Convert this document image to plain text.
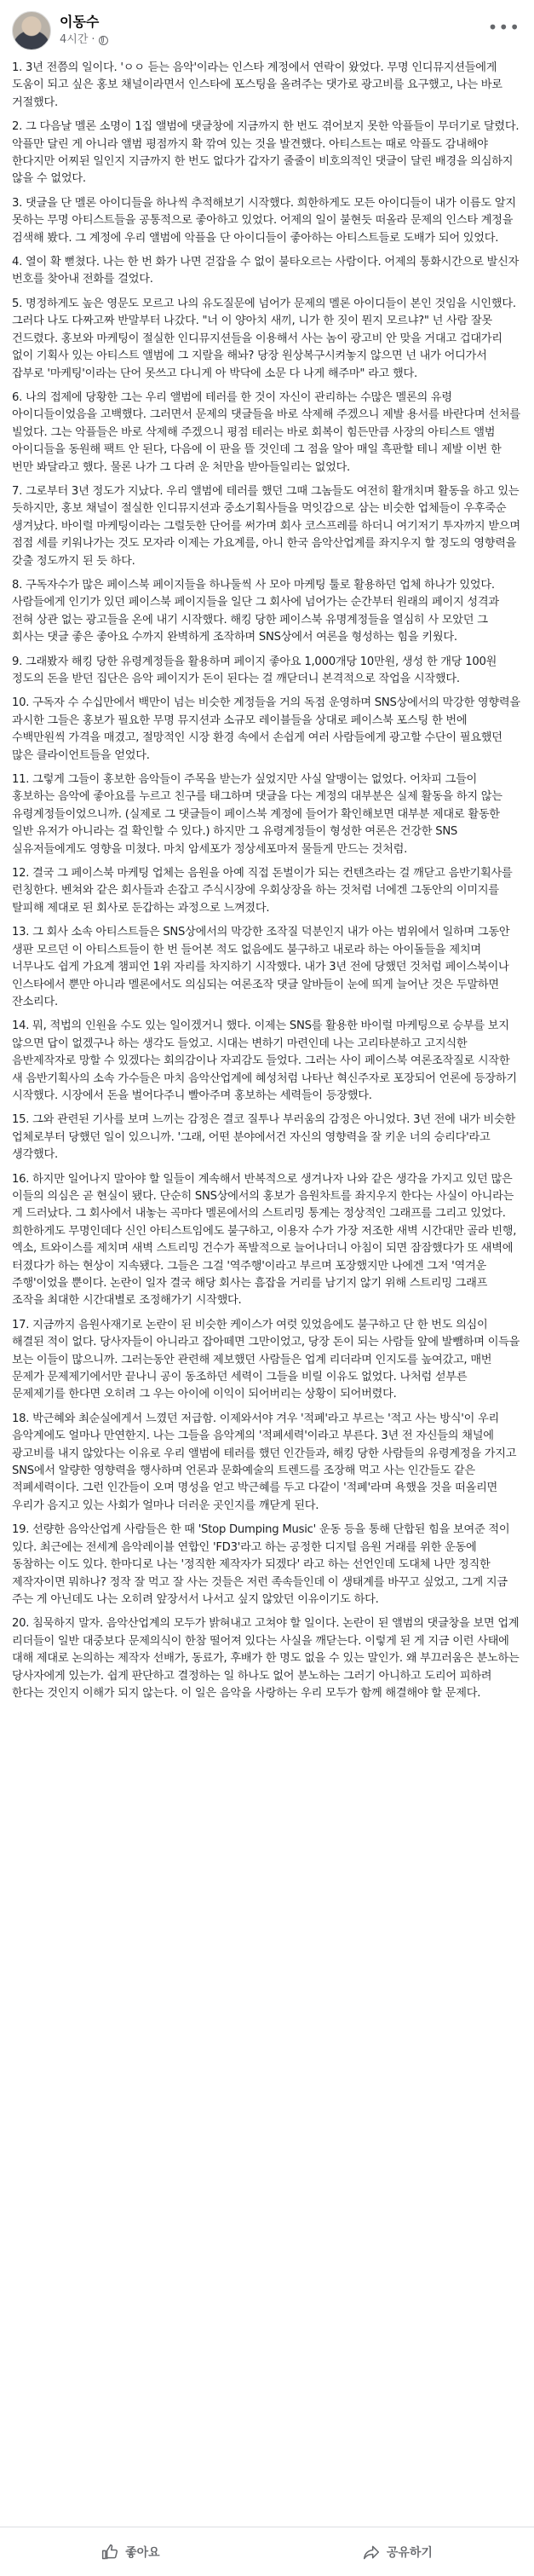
이동수
4시간 ·
•••

1. 3년 전쯤의 일이다. 'ㅇㅇ 듣는 음악'이라는 인스타 계정에서 연락이 왔었다. 무명 인디뮤지션들에게 도움이 되고 싶은 홍보 채널이라면서 인스타에 포스팅을 올려주는 댓가로 광고비를 요구했고, 나는 바로 거절했다.

2. 그 다음날 멜론 소명이 1집 앨범에 댓글창에 지금까지 한 번도 겪어보지 못한 악플들이 무더기로 달렸다. 악플만 달린 게 아니라 앨범 평점까지 확 깎여 있는 것을 발견했다. 아티스트는 때로 악플도 감내해야 한다지만 어찌된 일인지 지금까지 한 번도 없다가 갑자기 줄줄이 비호의적인 댓글이 달린 배경을 의심하지 않을 수 없었다.

3. 댓글을 단 멜론 아이디들을 하나씩 추적해보기 시작했다. 희한하게도 모든 아이디들이 내가 이름도 알지 못하는 무명 아티스트들을 공통적으로 좋아하고 있었다. 어제의 일이 불현듯 떠올라 문제의 인스타 계정을 검색해 봤다. 그 계정에 우리 앨범에 악플을 단 아이디들이 좋아하는 아티스트들로 도배가 되어 있었다.

4. 열이 확 뻗쳤다. 나는 한 번 화가 나면 걷잡을 수 없이 불타오르는 사람이다. 어제의 통화시간으로 발신자 번호를 찾아내 전화를 걸었다.

5. 명정하게도 높은 영문도 모르고 나의 유도질문에 넘어가 문제의 멜론 아이디들이 본인 것임을 시인했다. 그러다 나도 다짜고짜 반말부터 나갔다. "너 이 양아치 새끼, 니가 한 짓이 뭔지 모르냐?" 넌 사람 잘못 건드렸다. 홍보와 마케팅이 절실한 인디뮤지션들을 이용해서 사는 놈이 광고비 안 맞을 거대고 겁대가리 없이 기획사 있는 아티스트 앨범에 그 지랄을 해놔? 당장 원상복구시켜놓지 않으면 넌 내가 어디가서 잡부로 '마케팅'이라는 단어 못쓰고 다니게 아 박닥에 소문 다 나게 해주마" 라고 했다.

6. 나의 접제에 당황한 그는 우리 앨범에 테러를 한 것이 자신이 관리하는 수많은 멜론의 유령 아이디들이었음을 고백했다. 그러면서 문제의 댓글들을 바로 삭제해 주겠으니 제발 용서를 바란다며 선처를 빌었다. 그는 악플들은 바로 삭제해 주겠으니 평점 테러는 바로 회복이 힘든만큼 사장의 아티스트 앨범 아이디들을 동원해 팩트 안 된다, 다음에 이 판을 뜰 것인데 그 점을 알아 매일 흑판할 테니 제발 이번 한 번만 봐달라고 했다. 물론 나가 그 다려 운 처만을 받아들일리는 없었다.

7. 그로부터 3년 정도가 지났다. 우리 앨범에 테러를 했던 그때 그놈들도 여전히 활개치며 활동을 하고 있는 듯하지만, 홍보 채널이 절실한 인디뮤지션과 중소기획사들을 먹잇감으로 삼는 비슷한 업체들이 우후죽순 생겨났다. 바이럴 마케팅이라는 그럴듯한 단어를 써가며 회사 코스프레를 하더니 여기저기 투자까지 받으며 점점 세를 키워나가는 것도 모자라 이제는 가요계를, 아니 한국 음악산업계를 좌지우지 할 정도의 영향력을 갖출 정도까지 된 듯 하다.

8. 구독자수가 많은 페이스북 페이지들을 하나둘씩 사 모아 마케팅 툴로 활용하던 업체 하나가 있었다. 사람들에게 인기가 있던 페이스북 페이지들을 일단 그 회사에 넘어가는 순간부터 원래의 페이지 성격과 전혀 상관 없는 광고들을 온에 내기 시작했다. 해킹 당한 페이스북 유명계정들을 열심히 사 모았던 그 회사는 댓글 좋은 좋아요 수까지 완벽하게 조작하며 SNS상에서 여론을 형성하는 힘을 키웠다.

9. 그래봤자 해킹 당한 유령계정들을 활용하며 페이지 좋아요 1,000개당 10만원, 생성 한 개당 100원 정도의 돈을 받던 집단은 음악 페이지가 돈이 된다는 걸 깨닫더니 본격적으로 작업을 시작했다.

10. 구독자 수 수십만에서 백만이 넘는 비슷한 계정들을 거의 독점 운영하며 SNS상에서의 막강한 영향력을 과시한 그들은 홍보가 필요한 무명 뮤지션과 소규모 레이블들을 상대로 페이스북 포스팅 한 번에 수백만원씩 가격을 매겼고, 절망적인 시장 환경 속에서 손쉽게 여러 사람들에게 광고할 수단이 필요했던 많은 클라이언트들을 얻었다.

11. 그렇게 그들이 홍보한 음악들이 주목을 받는가 싶었지만 사실 알맹이는 없었다. 어차피 그들이 홍보하는 음악에 좋아요를 누르고 친구를 태그하며 댓글을 다는 계정의 대부분은 실제 활동을 하지 않는 유령계정들이었으니까. (실제로 그 댓글들이 페이스북 계정에 들어가 확인해보면 대부분 제대로 활동한 일반 유저가 아니라는 걸 확인할 수 있다.) 하지만 그 유령계정들이 형성한 여론은 건강한 SNS 실유저들에게도 영향을 미쳤다. 마치 암세포가 정상세포마저 물들게 만드는 것처럼.

12. 결국 그 페이스북 마케팅 업체는 음원을 아예 직접 돈벌이가 되는 컨텐츠라는 걸 깨닫고 음반기획사를 런칭한다. 벤쳐와 같은 회사들과 손잡고 주식시장에 우회상장을 하는 것처럼 너에겐 그동안의 이미지를 탈피해 제대로 된 회사로 둔갑하는 과정으로 느껴졌다.

13. 그 회사 소속 아티스트들은 SNS상에서의 막강한 조작질 덕분인지 내가 아는 범위에서 일하며 그동안 생판 모르던 이 아티스트들이 한 번 들어본 적도 없음에도 불구하고 내로라 하는 아이돌들을 제치며 너무나도 쉽게 가요계 챔피언 1위 자리를 차지하기 시작했다. 내가 3년 전에 당했던 것처럼 페이스북이나 인스타에서 뿐만 아니라 멜론에서도 의심되는 여론조작 댓글 알바들이 눈에 띄게 늘어난 것은 두말하면 잔소리다.

14. 뭐, 적법의 인원을 수도 있는 일이겠거니 했다. 이제는 SNS를 활용한 바이럴 마케팅으로 승부를 보지 않으면 답이 없겠구나 하는 생각도 들었고. 시대는 변하기 마련인데 나는 고리타분하고 고지식한 음반제작자로 망할 수 있겠다는 회의감이나 자괴감도 들었다. 그러는 사이 페이스북 여론조작질로 시작한 새 음반기획사의 소속 가수들은 마치 음악산업계에 혜성처럼 나타난 혁신주자로 포장되어 언론에 등장하기 시작했다. 시장에서 돈을 벌어다주니 빨아주며 홍보하는 세력들이 등장했다.

15. 그와 관련된 기사를 보며 느끼는 감정은 결코 질투나 부러움의 감정은 아니었다. 3년 전에 내가 비슷한 업체로부터 당했던 일이 있으니까. '그래, 어떤 분야에서건 자신의 영향력을 잘 키운 너의 승리다'라고 생각했다.

16. 하지만 일어나지 말아야 할 일들이 계속해서 반복적으로 생겨나자 나와 같은 생각을 가지고 있던 많은 이들의 의심은 곧 현실이 됐다. 단순히 SNS상에서의 홍보가 음원차트를 좌지우지 한다는 사실이 아니라는 게 드러났다. 그 회사에서 내놓는 곡마다 멜론에서의 스트리밍 통계는 정상적인 그래프를 그리고 있었다. 희한하게도 무명인데다 신인 아티스트임에도 불구하고, 이용자 수가 가장 저조한 새벽 시간대만 골라 빈행, 엑소, 트와이스를 제치며 새벽 스트리밍 건수가 폭발적으로 늘어나더니 아침이 되면 잠잠했다가 또 새벽에 터졌다가 하는 현상이 지속됐다. 그들은 그걸 '역주행'이라고 부르며 포장했지만 나에겐 그저 '역겨운 주행'이었을 뿐이다. 논란이 일자 결국 해당 회사는 흠잡을 거리를 남기지 않기 위해 스트리밍 그래프 조작을 최대한 시간대별로 조정해가기 시작했다.

17. 지금까지 음원사재기로 논란이 된 비슷한 케이스가 여럿 있었음에도 불구하고 단 한 번도 의심이 해결된 적이 없다. 당사자들이 아니라고 잡아떼면 그만이었고, 당장 돈이 되는 사람들 앞에 발뺌하며 이득을 보는 이들이 많으니까. 그러는동안 관련해 제보했던 사람들은 업계 리더라며 인지도를 높여갔고, 매번 문제가 문제제기에서만 끝나니 공이 동조하던 세력이 그들을 비릴 이유도 없었다. 나처럼 섣부른 문제제기를 한다면 오히려 그 우는 아이에 이익이 되어버리는 상황이 되어버렸다.

18. 박근혜와 최순실에게서 느꼈던 저급함. 이제와서야 겨우 '적폐'라고 부르는 '적고 사는 방식'이 우리 음악계에도 얼마나 만연한지. 나는 그들을 음악계의 '적폐세력'이라고 부른다. 3년 전 자신들의 채널에 광고비를 내지 않았다는 이유로 우리 앨범에 테러를 했던 인간들과, 해킹 당한 사람들의 유령계정을 가지고 SNS에서 알량한 영향력을 행사하며 언론과 문화예술의 트렌드를 조장해 먹고 사는 인간들도 같은 적폐세력이다. 그런 인간들이 오며 명성을 얻고 박근혜를 두고 다같이 '적폐'라며 욕했을 것을 떠올리면 우리가 음지고 있는 사회가 얼마나 더러운 곳인지를 깨닫게 된다.

19. 선량한 음악산업계 사람들은 한 때 'Stop Dumping Music' 운동 등을 통해 단합된 힘을 보여준 적이 있다. 최근에는 전세계 음악레이블 연합인 'FD3'라고 하는 공정한 디지털 음원 거래를 위한 운동에 동참하는 이도 있다. 한마디로 나는 '정직한 제작자가 되겠다' 라고 하는 선언인데 도대체 나만 정직한 제작자이면 뭐하나? 정작 잘 먹고 잘 사는 것들은 저런 족속들인데 이 생태계를 바꾸고 싶었고, 그게 지금 주는 게 아닌데도 나는 오히려 앞장서서 나서고 싶지 않았던 이유이기도 하다.

20. 침묵하지 말자. 음악산업계의 모두가 밝혀내고 고쳐야 할 일이다. 논란이 된 앨범의 댓글창을 보면 업계 리더들이 일반 대중보다 문제의식이 한참 떨어져 있다는 사실을 깨닫는다. 이렇게 된 게 지금 이런 사태에 대해 제대로 논의하는 제작자 선배가, 동료가, 후배가 한 명도 없을 수 있는 말인가. 왜 부끄러움은 분노하는 당사자에게 있는가. 쉽게 판단하고 결정하는 일 하나도 없어 분노하는 그러기 아니하고 도리어 피하려 한다는 것인지 이해가 되지 않는다. 이 일은 음악을 사랑하는 우리 모두가 함께 해결해야 할 문제다.

좋아요	공유하기
